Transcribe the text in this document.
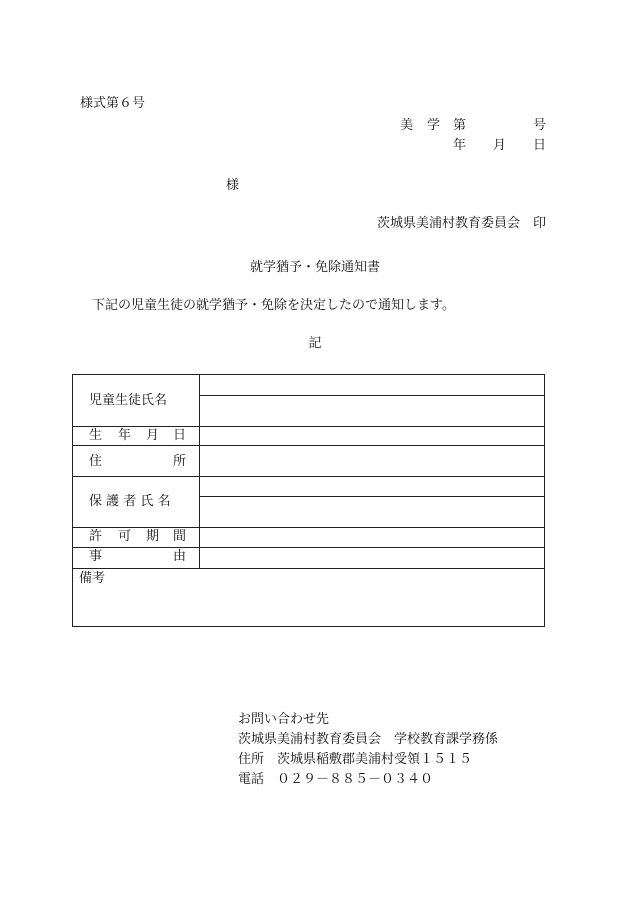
様式第６号
美 学 第	号
年 月 日
様
茨城県美浦村教育委員会　印
就学猶予・免除通知書
下記の児童生徒の就学猶予・免除を決定したので通知します。
記
児童生徒氏名
生 年 月 日
住	所
保 護 者 氏 名
許 可 期 間
事	由
備考
お問い合わせ先
茨城県美浦村教育委員会　学校教育課学務係
住所　茨城県稲敷郡美浦村受領１５１５
電話　０２９－８８５－０３４０
